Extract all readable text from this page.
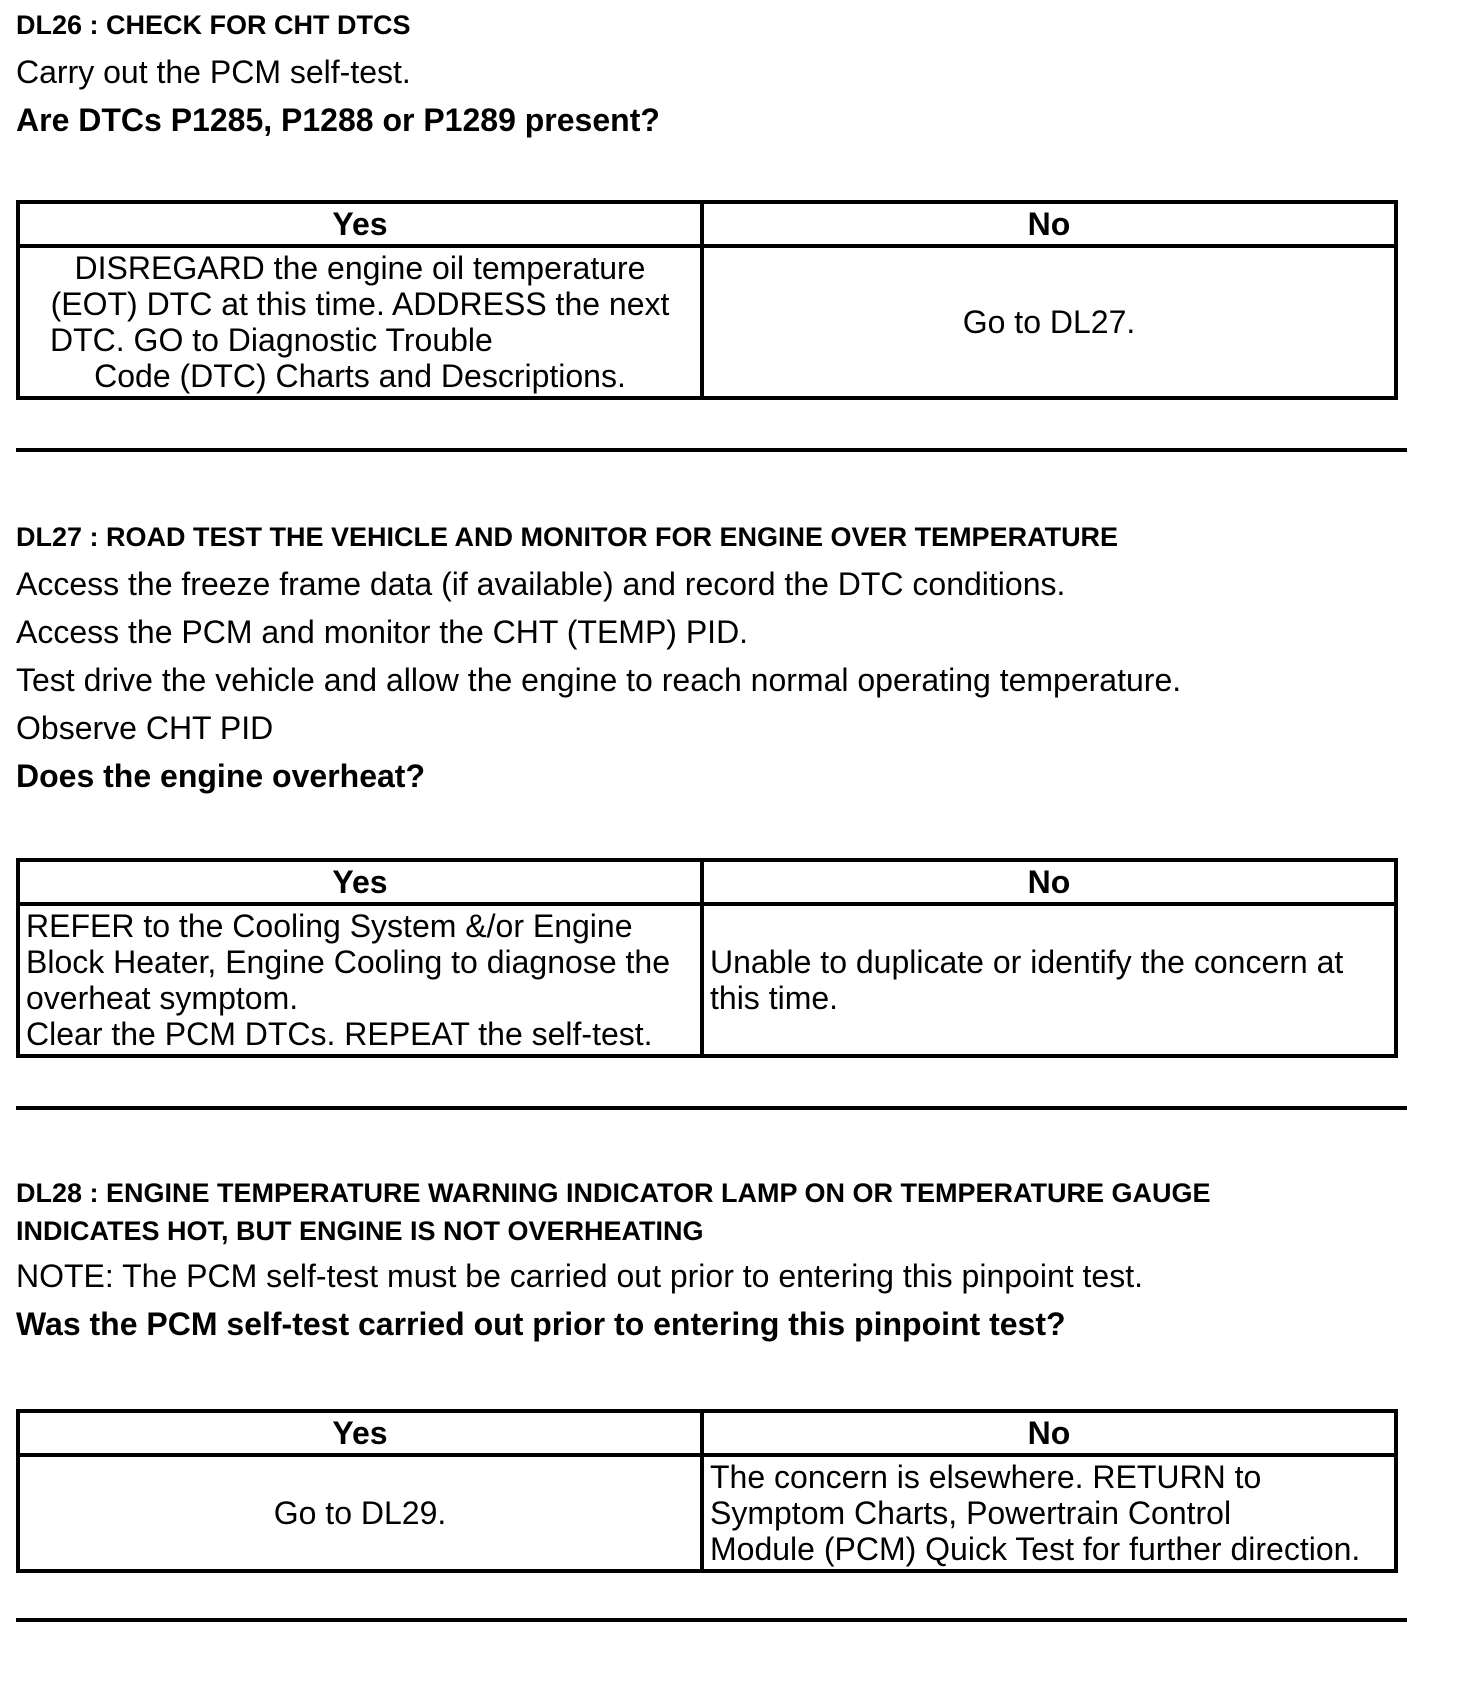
DL26 : CHECK FOR CHT DTCS

Carry out the PCM self-test.

Are DTCs P1285, P1288 or P1289 present?

Yes	No

DISREGARD the engine oil temperature
(EOT) DTC at this time. ADDRESS the next
DTC. GO to Diagnostic Trouble
Code (DTC) Charts and Descriptions.	Go to DL27.

DL27 : ROAD TEST THE VEHICLE AND MONITOR FOR ENGINE OVER TEMPERATURE

Access the freeze frame data (if available) and record the DTC conditions.

Access the PCM and monitor the CHT (TEMP) PID.

Test drive the vehicle and allow the engine to reach normal operating temperature.

Observe CHT PID

Does the engine overheat?

Yes	No

REFER to the Cooling System &/or Engine
Block Heater, Engine Cooling to diagnose the
overheat symptom.
Clear the PCM DTCs. REPEAT the self-test.	Unable to duplicate or identify the concern at
this time.

DL28 : ENGINE TEMPERATURE WARNING INDICATOR LAMP ON OR TEMPERATURE GAUGE

INDICATES HOT, BUT ENGINE IS NOT OVERHEATING

NOTE: The PCM self-test must be carried out prior to entering this pinpoint test.

Was the PCM self-test carried out prior to entering this pinpoint test?

Yes	No

Go to DL29.	The concern is elsewhere. RETURN to
Symptom Charts, Powertrain Control
Module (PCM) Quick Test for further direction.
